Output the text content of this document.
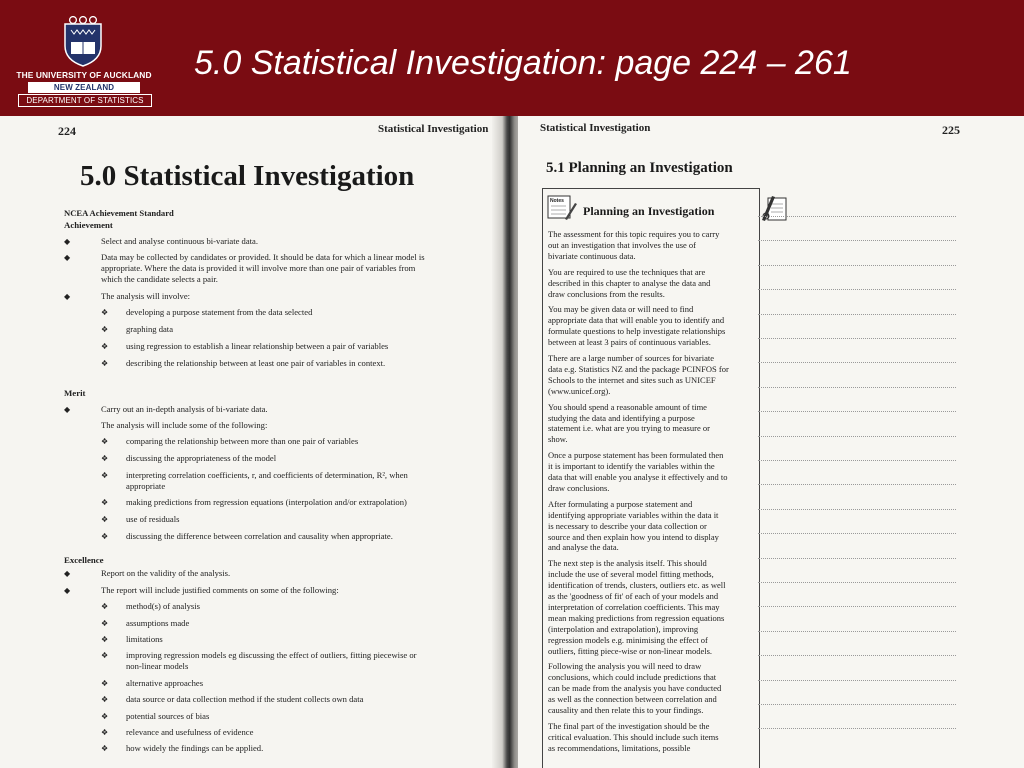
THE UNIVERSITY OF AUCKLAND
NEW ZEALAND
DEPARTMENT OF STATISTICS
5.0 Statistical Investigation: page 224 – 261
224	Statistical Investigation
5.0 Statistical Investigation
NCEA Achievement Standard
Achievement
◆	Select and analyse continuous bi-variate data.
◆	Data may be collected by candidates or provided. It should be data for which a linear model is
appropriate. Where the data is provided it will involve more than one pair of variables from
which the candidate selects a pair.
◆	The analysis will involve:
❖ developing a purpose statement from the data selected
❖ graphing data
❖ using regression to establish a linear relationship between a pair of variables
❖ describing the relationship between at least one pair of variables in context.
Merit
◆	Carry out an in-depth analysis of bi-variate data.
The analysis will include some of the following:
❖ comparing the relationship between more than one pair of variables
❖ discussing the appropriateness of the model
❖ interpreting correlation coefficients, r, and coefficients of determination, R², when
appropriate
❖ making predictions from regression equations (interpolation and/or extrapolation)
❖ use of residuals
❖ discussing the difference between correlation and causality when appropriate.
Excellence
◆	Report on the validity of the analysis.
◆	The report will include justified comments on some of the following:
❖ method(s) of analysis
❖ assumptions made
❖ limitations
❖ improving regression models eg discussing the effect of outliers, fitting piecewise or
non-linear models
❖ alternative approaches
❖ data source or data collection method if the student collects own data
❖ potential sources of bias
❖ relevance and usefulness of evidence
❖ how widely the findings can be applied.
Statistical Investigation	225
5.1 Planning an Investigation
Notes
Planning an Investigation
The assessment for this topic requires you to carry
out an investigation that involves the use of
bivariate continuous data.
You are required to use the techniques that are
described in this chapter to analyse the data and
draw conclusions from the results.
You may be given data or will need to find
appropriate data that will enable you to identify and
formulate questions to help investigate relationships
between at least 3 pairs of continuous variables.
There are a large number of sources for bivariate
data e.g. Statistics NZ and the package PCINFOS for
Schools to the internet and sites such as UNICEF
(www.unicef.org).
You should spend a reasonable amount of time
studying the data and identifying a purpose
statement i.e. what are you trying to measure or
show.
Once a purpose statement has been formulated then
it is important to identify the variables within the
data that will enable you analyse it effectively and to
draw conclusions.
After formulating a purpose statement and
identifying appropriate variables within the data it
is necessary to describe your data collection or
source and then explain how you intend to display
and analyse the data.
The next step is the analysis itself. This should
include the use of several model fitting methods,
identification of trends, clusters, outliers etc. as well
as the 'goodness of fit' of each of your models and
interpretation of correlation coefficients. This may
mean making predictions from regression equations
(interpolation and extrapolation), improving
regression models e.g. minimising the effect of
outliers, fitting piece-wise or non-linear models.
Following the analysis you will need to draw
conclusions, which could include predictions that
can be made from the analysis you have conducted
as well as the connection between correlation and
causality and then relate this to your findings.
The final part of the investigation should be the
critical evaluation. This should include such items
as recommendations, limitations, possible
